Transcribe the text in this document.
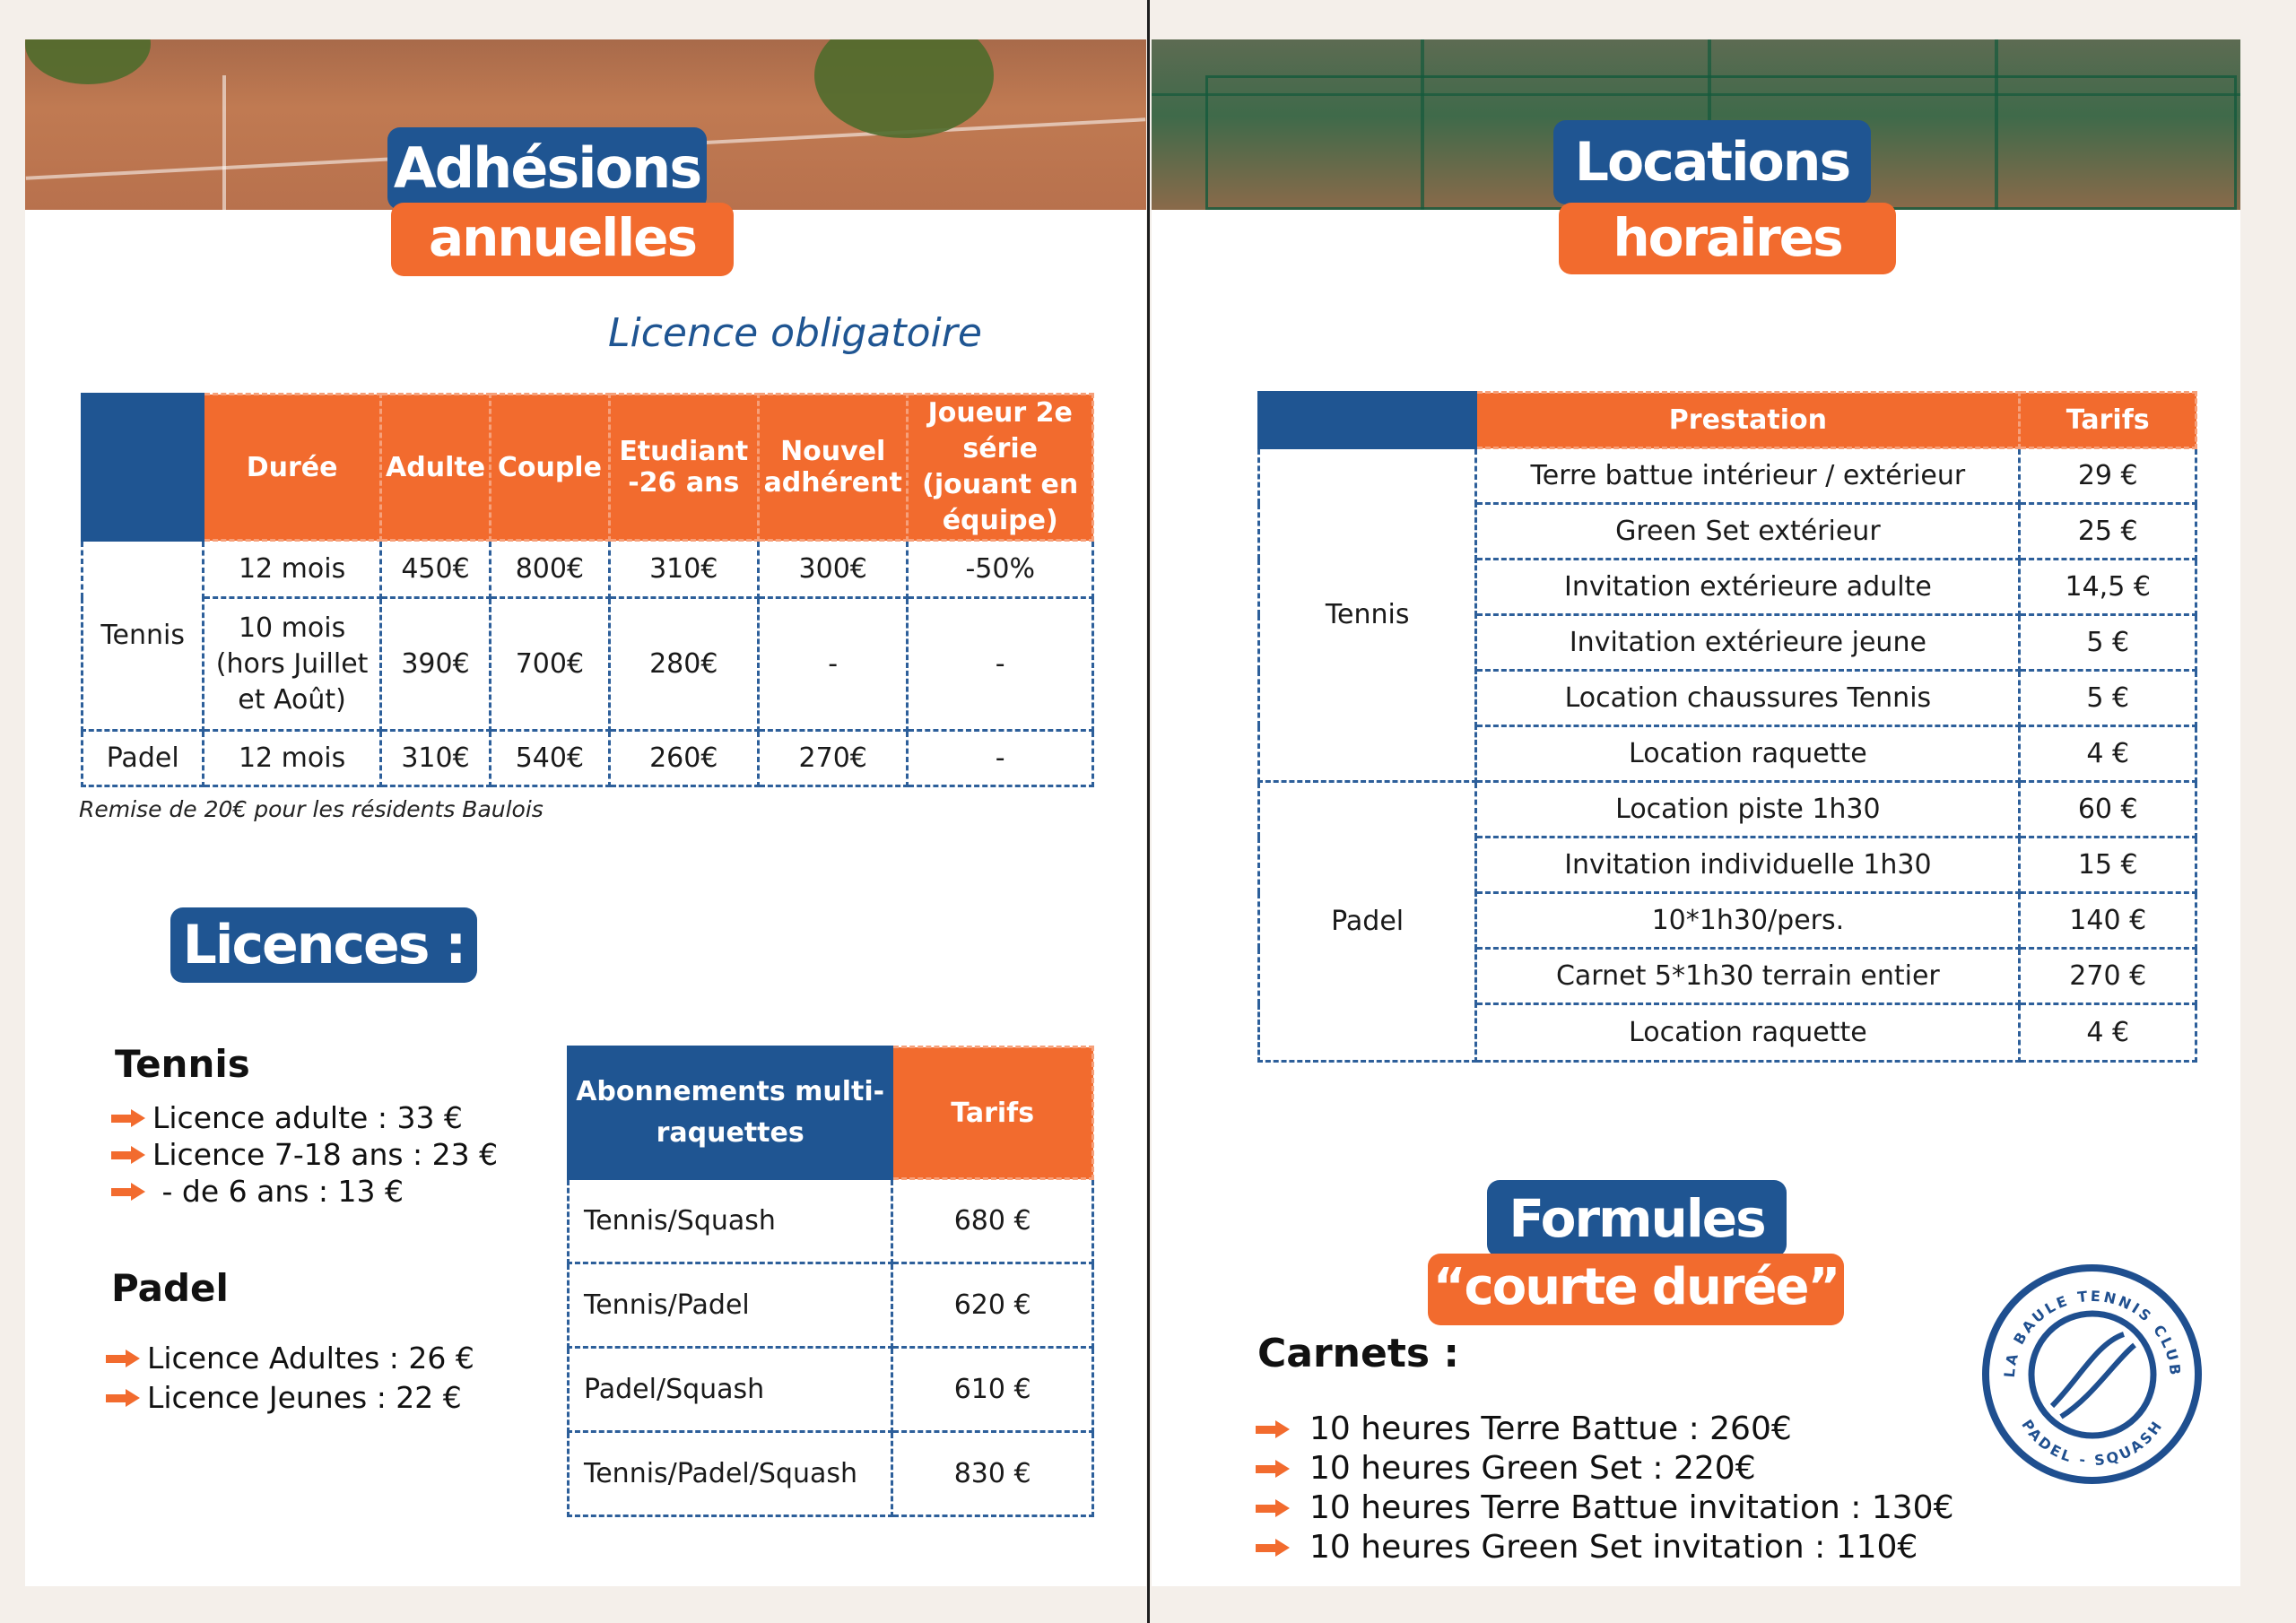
Adhésions
annuelles
Licence obligatoire
	Durée	Adulte	Couple	Etudiant -26 ans	Nouvel adhérent	Joueur 2e série (jouant en équipe)
Tennis	12 mois	450€	800€	310€	300€	-50%
	10 mois (hors Juillet et Août)	390€	700€	280€	-	-
Padel	12 mois	310€	540€	260€	270€	-
Remise de 20€ pour les résidents Baulois
Licences :
Tennis
Licence adulte : 33 €
Licence 7-18 ans : 23 €
- de 6 ans : 13 €
Padel
Licence Adultes : 26 €
Licence Jeunes : 22 €
Abonnements multi-raquettes	Tarifs
Tennis/Squash	680 €
Tennis/Padel	620 €
Padel/Squash	610 €
Tennis/Padel/Squash	830 €
Locations
horaires
	Prestation	Tarifs
Tennis	Terre battue intérieur / extérieur	29 €
	Green Set extérieur	25 €
	Invitation extérieure adulte	14,5 €
	Invitation extérieure jeune	5 €
	Location chaussures Tennis	5 €
	Location raquette	4 €
Padel	Location piste 1h30	60 €
	Invitation individuelle 1h30	15 €
	10*1h30/pers.	140 €
	Carnet 5*1h30 terrain entier	270 €
	Location raquette	4 €
Formules
“courte durée”
Carnets :
10 heures Terre Battue : 260€
10 heures Green Set : 220€
10 heures Terre Battue invitation : 130€
10 heures Green Set invitation : 110€
LA BAULE TENNIS CLUB
PADEL - SQUASH
